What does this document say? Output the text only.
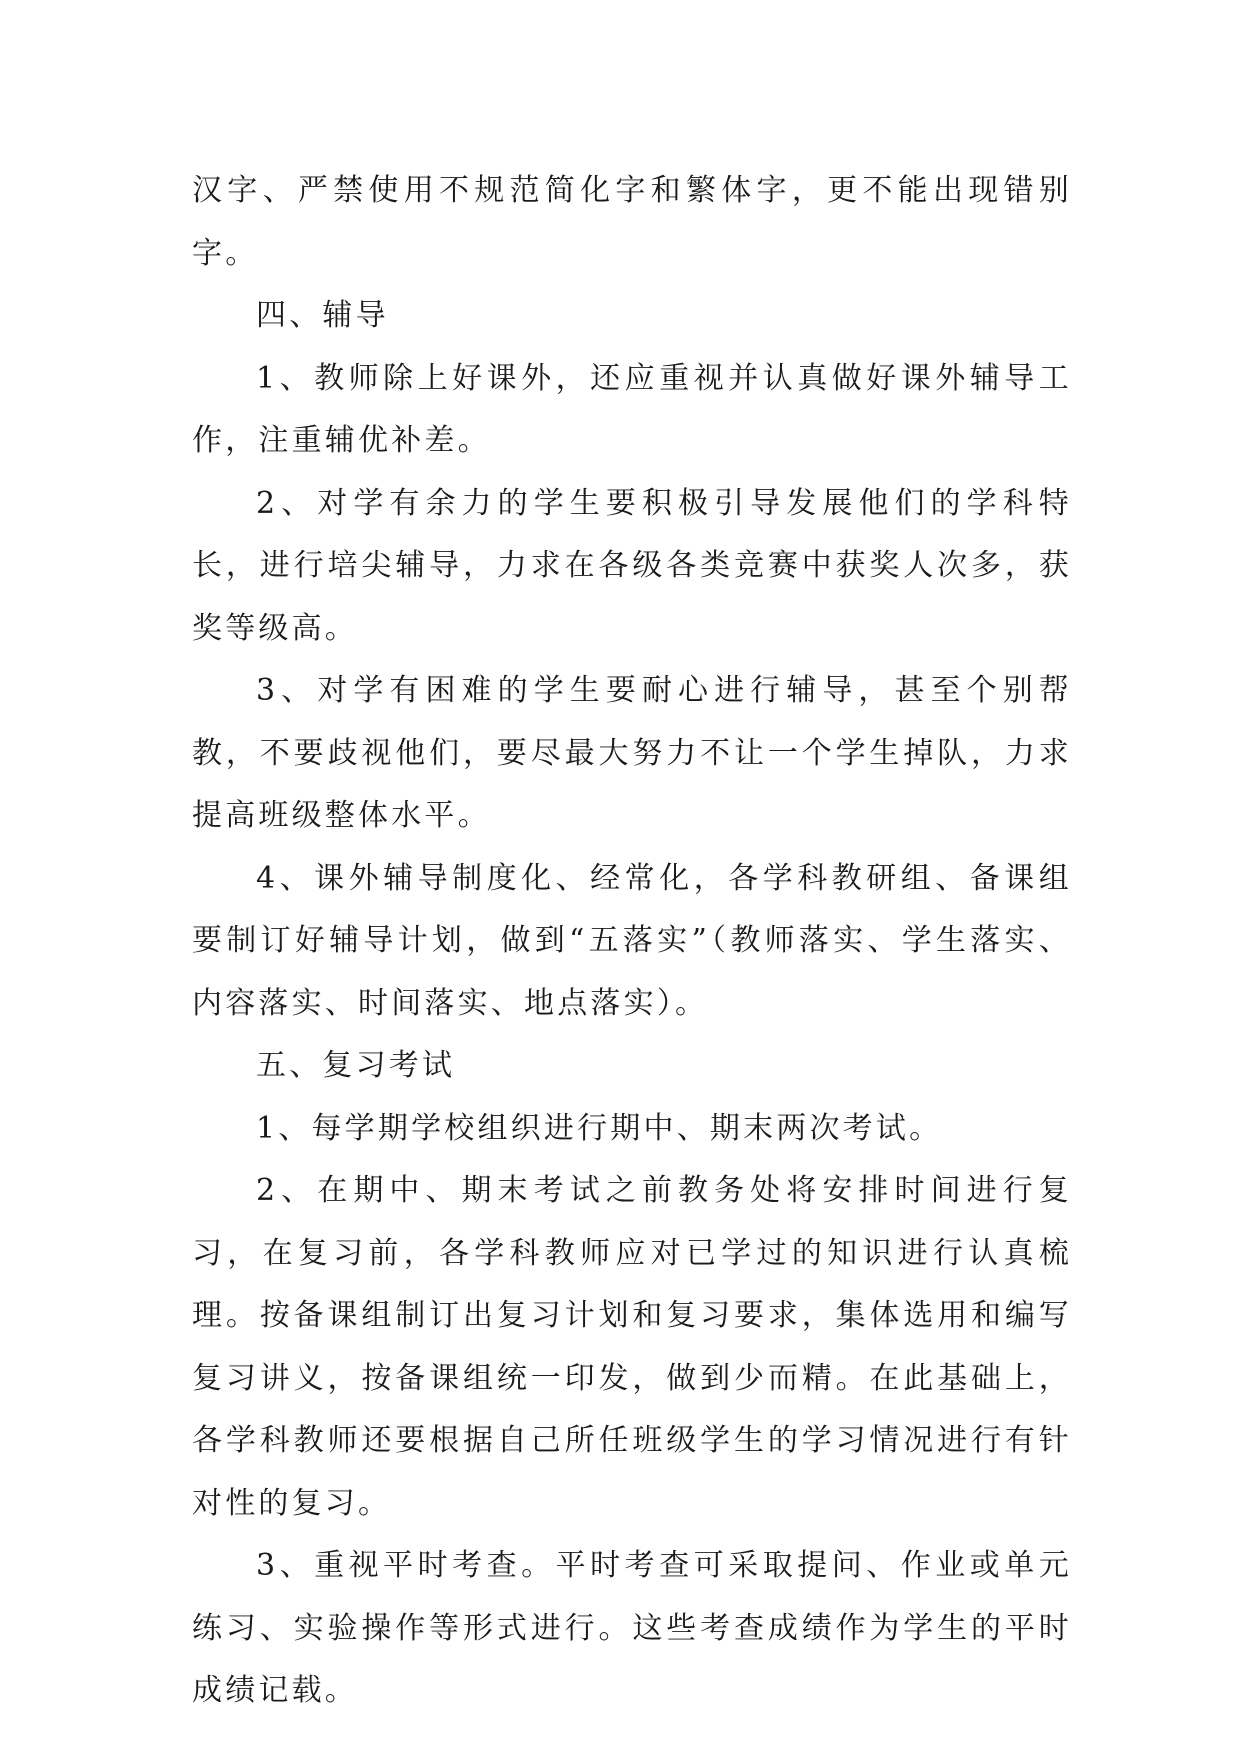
汉字、严禁使用不规范简化字和繁体字，更不能出现错别字。

四、辅导

1、教师除上好课外，还应重视并认真做好课外辅导工作，注重辅优补差。

2、对学有余力的学生要积极引导发展他们的学科特长，进行培尖辅导，力求在各级各类竞赛中获奖人次多，获奖等级高。

3、对学有困难的学生要耐心进行辅导，甚至个别帮教，不要歧视他们，要尽最大努力不让一个学生掉队，力求提高班级整体水平。

4、课外辅导制度化、经常化，各学科教研组、备课组要制订好辅导计划，做到“五落实”（教师落实、学生落实、内容落实、时间落实、地点落实）。

五、复习考试

1、每学期学校组织进行期中、期末两次考试。

2、在期中、期末考试之前教务处将安排时间进行复习，在复习前，各学科教师应对已学过的知识进行认真梳理。按备课组制订出复习计划和复习要求，集体选用和编写复习讲义，按备课组统一印发，做到少而精。在此基础上，各学科教师还要根据自己所任班级学生的学习情况进行有针对性的复习。

3、重视平时考查。平时考查可采取提问、作业或单元练习、实验操作等形式进行。这些考查成绩作为学生的平时成绩记载。
